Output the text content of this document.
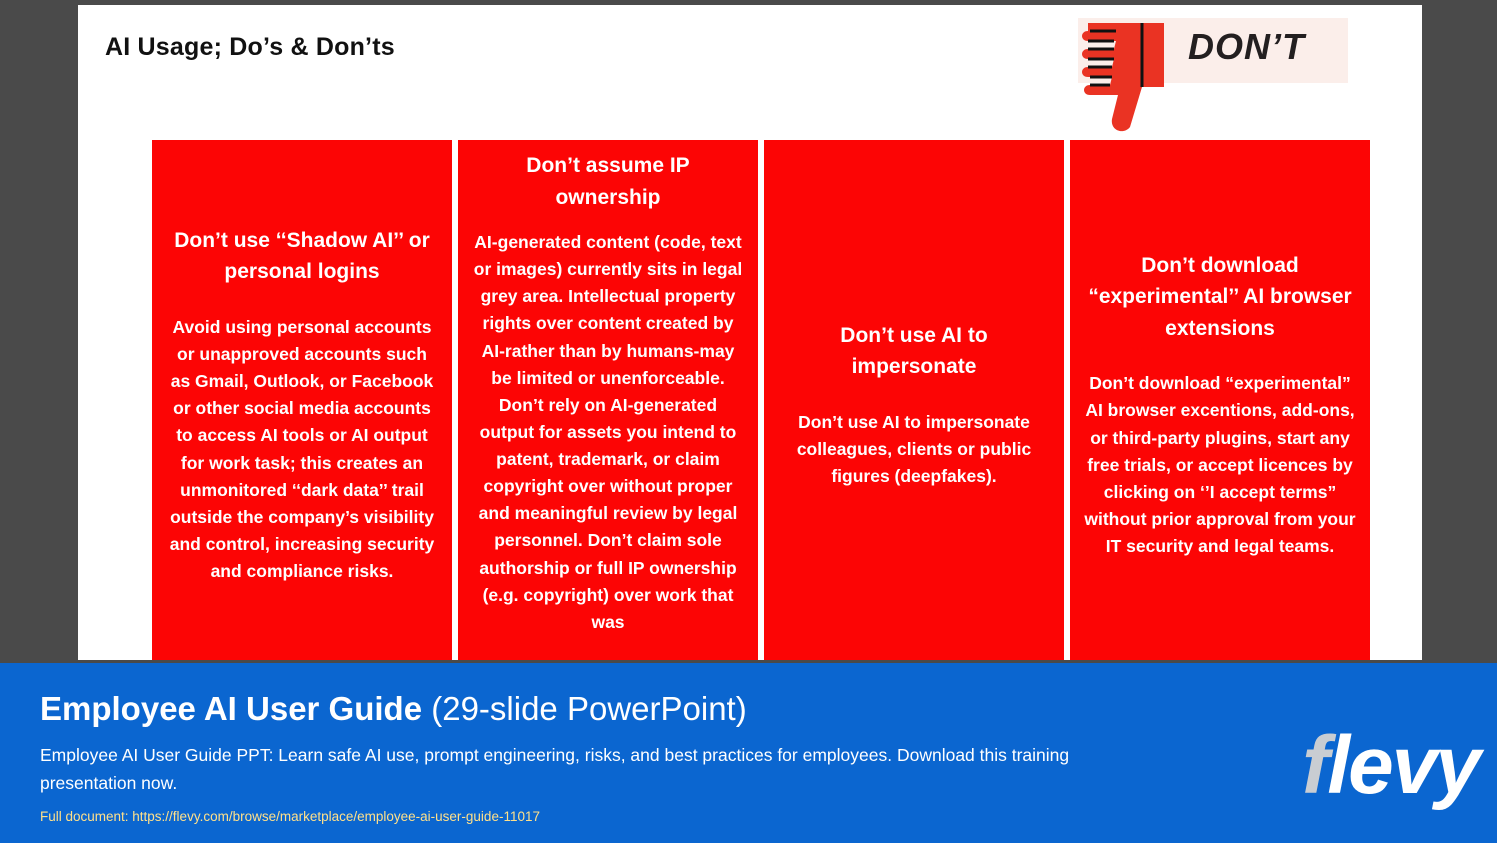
AI Usage; Do’s & Don’ts	DON’T

Don’t use ‘‘Shadow AI’’ or personal logins

Avoid using personal accounts or unapproved accounts such as Gmail, Outlook, or Facebook or other social media accounts to access AI tools or AI output for work task; this creates an unmonitored ‘‘dark data’’ trail outside the company’s visibility and control, increasing security and compliance risks.

Don’t assume IP ownership

AI-generated content (code, text or images) currently sits in legal grey area. Intellectual property rights over content created by AI-rather than by humans-may be limited or unenforceable. Don’t rely on AI-generated output for assets you intend to patent, trademark, or claim copyright over without proper and meaningful review by legal personnel. Don’t claim sole authorship or full IP ownership (e.g. copyright) over work that was

Don’t use AI to impersonate

Don’t use AI to impersonate colleagues, clients or public figures (deepfakes).

Don’t download “experimental’’ AI browser extensions

Don’t download “experimental” AI browser excentions, add-ons, or third-party plugins, start any free trials, or accept licences by clicking on ‘’I accept terms” without prior approval from your IT security and legal teams.

Employee AI User Guide (29-slide PowerPoint)

Employee AI User Guide PPT: Learn safe AI use, prompt engineering, risks, and best practices for employees. Download this training presentation now.

Full document: https://flevy.com/browse/marketplace/employee-ai-user-guide-11017

flevy
